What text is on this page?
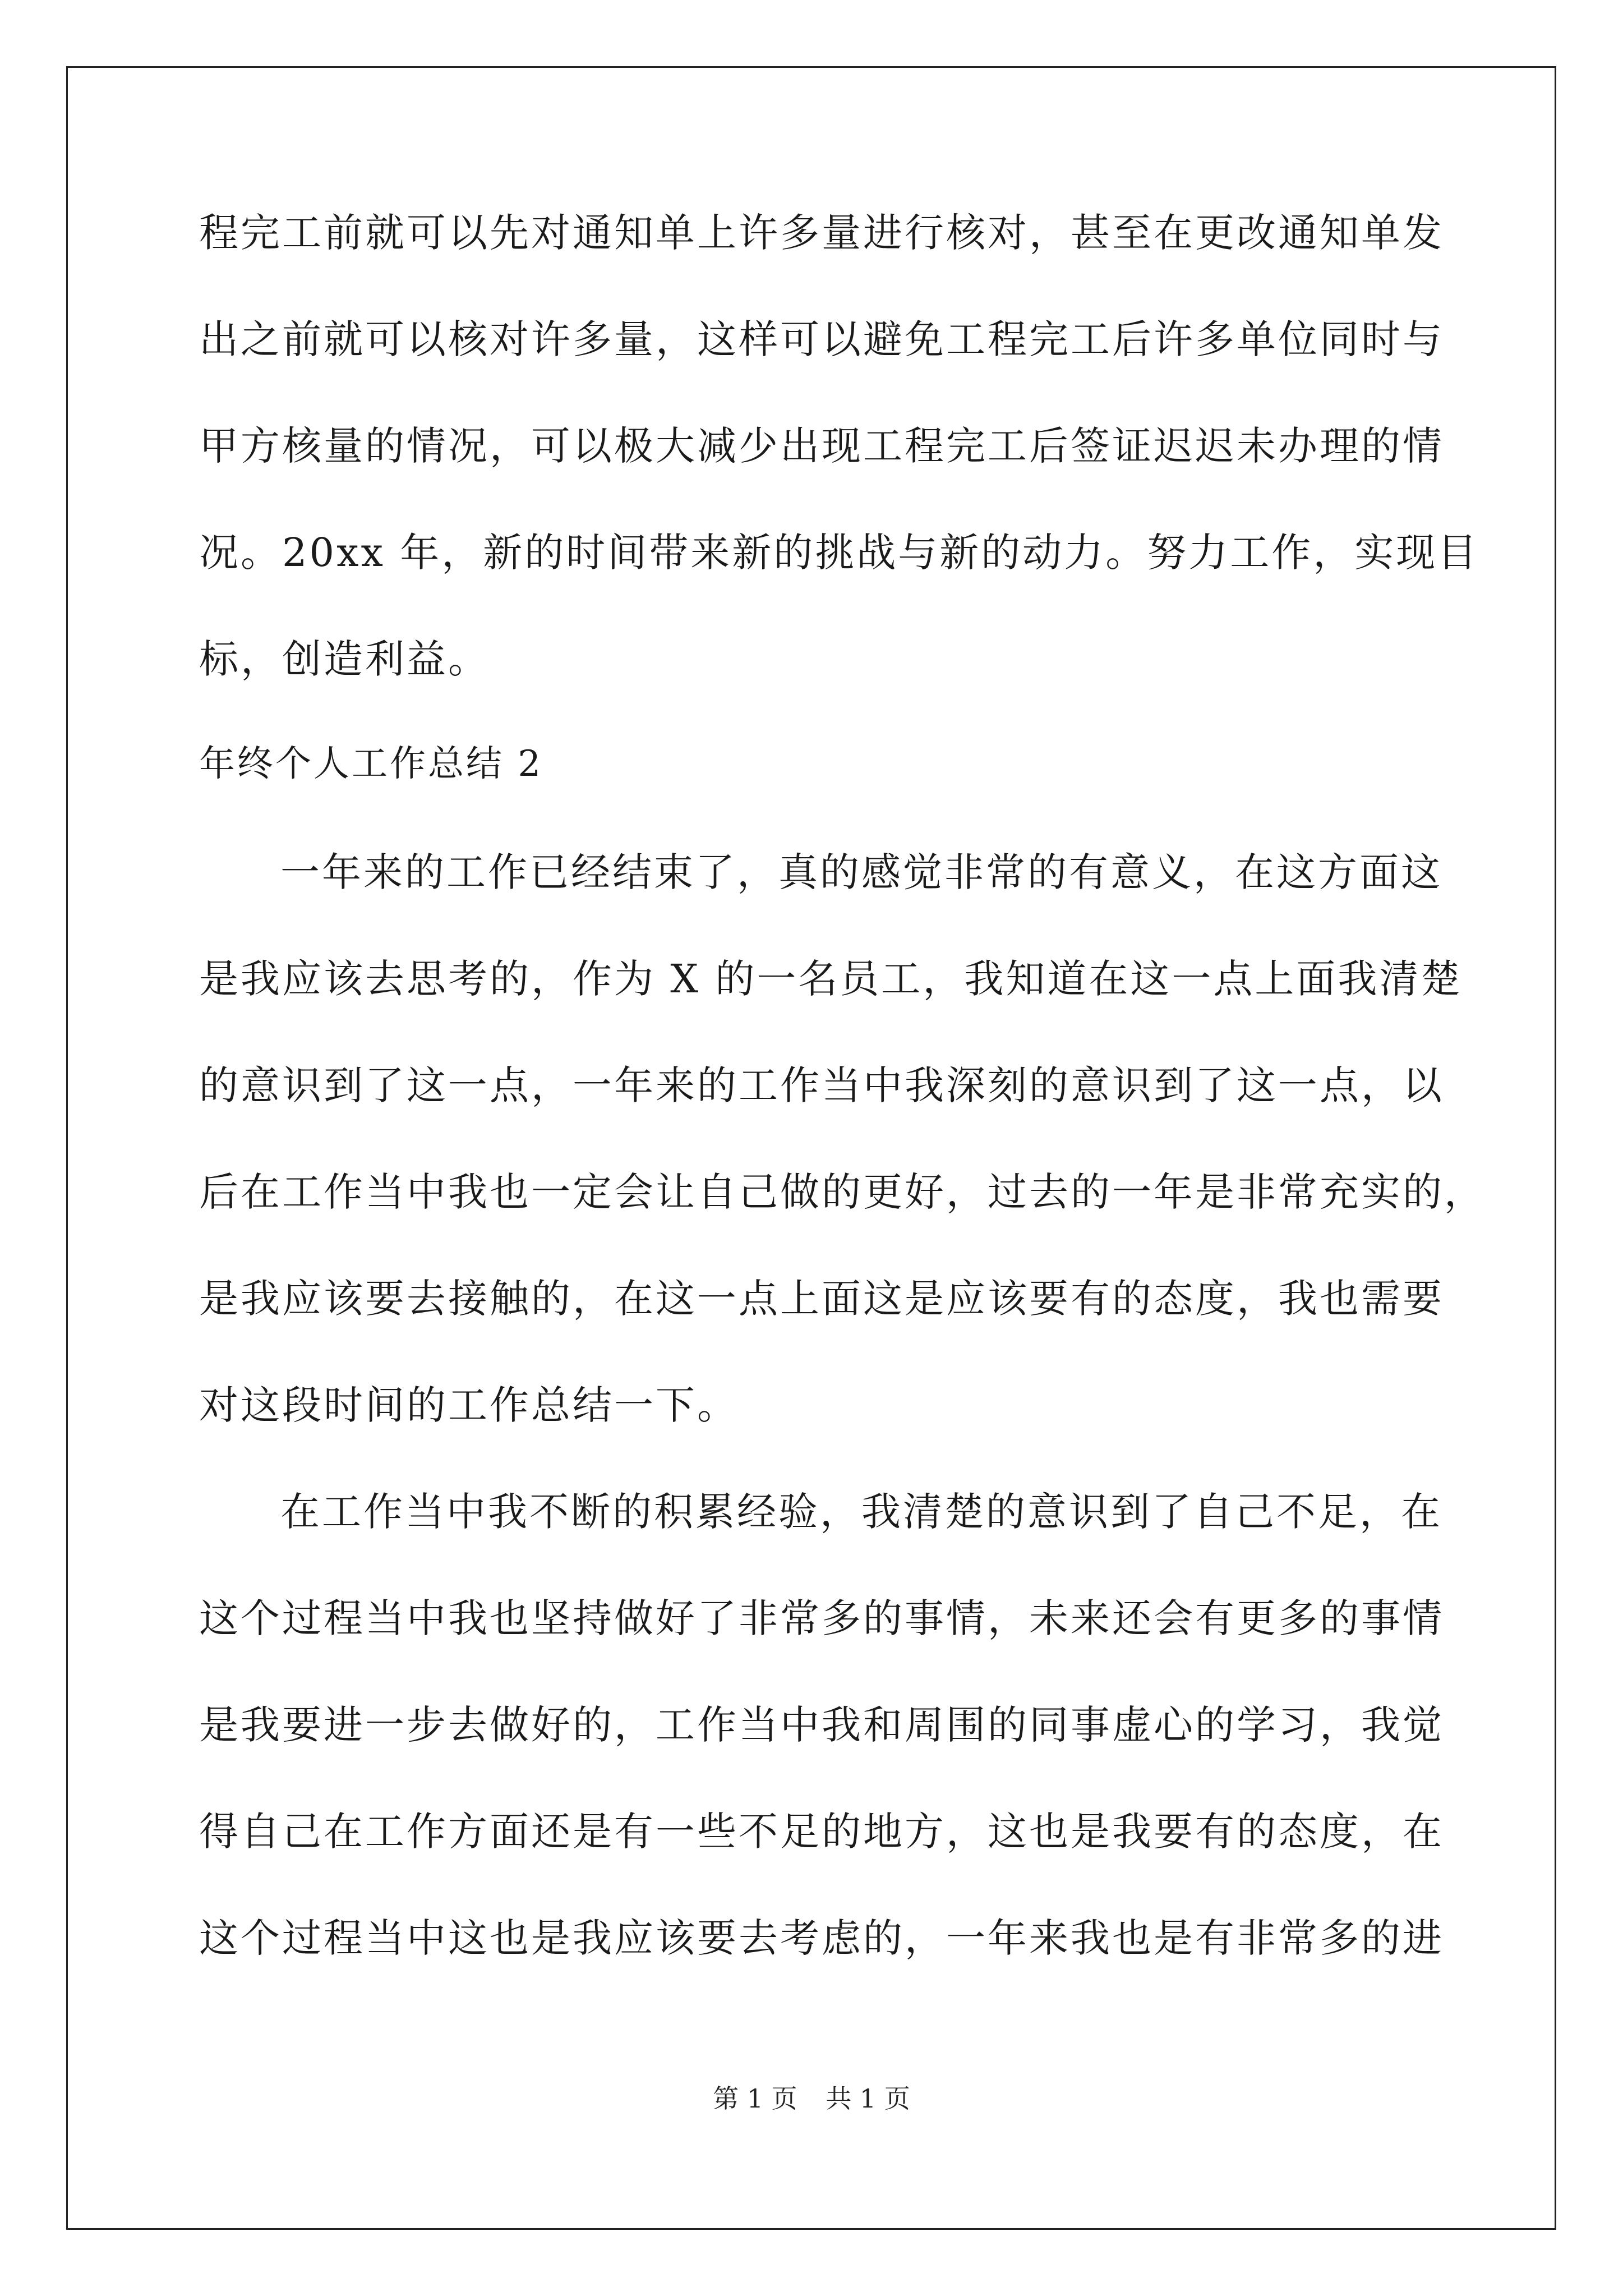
程完工前就可以先对通知单上许多量进行核对，甚至在更改通知单发
出之前就可以核对许多量，这样可以避免工程完工后许多单位同时与
甲方核量的情况，可以极大减少出现工程完工后签证迟迟未办理的情
况。20xx 年，新的时间带来新的挑战与新的动力。努力工作，实现目
标，创造利益。
年终个人工作总结 2
一年来的工作已经结束了，真的感觉非常的有意义，在这方面这
是我应该去思考的，作为 X 的一名员工，我知道在这一点上面我清楚
的意识到了这一点，一年来的工作当中我深刻的意识到了这一点，以
后在工作当中我也一定会让自己做的更好，过去的一年是非常充实的，
是我应该要去接触的，在这一点上面这是应该要有的态度，我也需要
对这段时间的工作总结一下。
在工作当中我不断的积累经验，我清楚的意识到了自己不足，在
这个过程当中我也坚持做好了非常多的事情，未来还会有更多的事情
是我要进一步去做好的，工作当中我和周围的同事虚心的学习，我觉
得自己在工作方面还是有一些不足的地方，这也是我要有的态度，在
这个过程当中这也是我应该要去考虑的，一年来我也是有非常多的进
第 1 页 共 1 页
